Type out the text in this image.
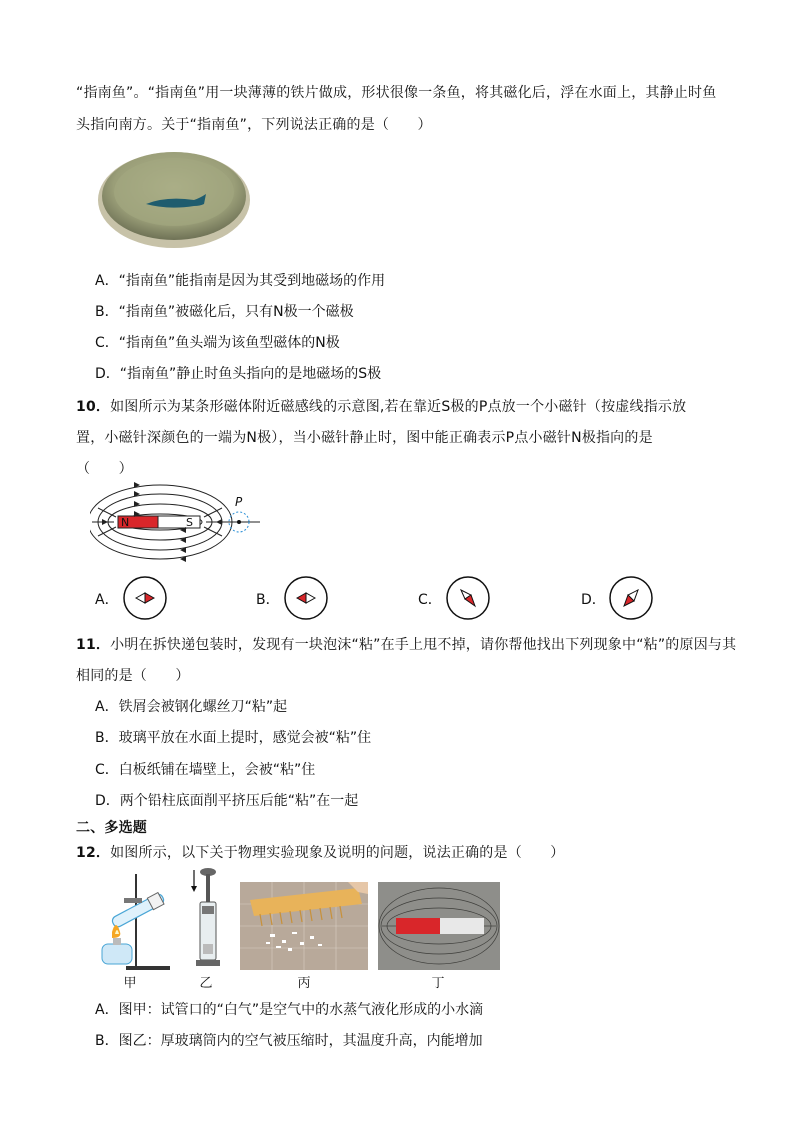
“指南鱼”。“指南鱼”用一块薄薄的铁片做成，形状很像一条鱼，将其磁化后，浮在水面上，其静止时鱼
头指向南方。关于“指南鱼”，下列说法正确的是（　　）
A．“指南鱼”能指南是因为其受到地磁场的作用
B．“指南鱼”被磁化后，只有N极一个磁极
C．“指南鱼”鱼头端为该鱼型磁体的N极
D．“指南鱼”静止时鱼头指向的是地磁场的S极
10．如图所示为某条形磁体附近磁感线的示意图,若在靠近S极的P点放一个小磁针（按虚线指示放
置，小磁针深颜色的一端为N极），当小磁针静止时，图中能正确表示P点小磁针N极指向的是
（　　）
N	S
P
A．	B．	C．	D．
11．小明在拆快递包装时，发现有一块泡沫“粘”在手上甩不掉，请你帮他找出下列现象中“粘”的原因与其
相同的是（　　）
A．铁屑会被钢化螺丝刀“粘”起
B．玻璃平放在水面上提时，感觉会被“粘”住
C．白板纸铺在墙壁上，会被“粘”住
D．两个铅柱底面削平挤压后能“粘”在一起
二、多选题
12．如图所示，以下关于物理实验现象及说明的问题，说法正确的是（　　）
甲	乙	丙	丁
A．图甲：试管口的“白气”是空气中的水蒸气液化形成的小水滴
B．图乙：厚玻璃筒内的空气被压缩时，其温度升高，内能增加
